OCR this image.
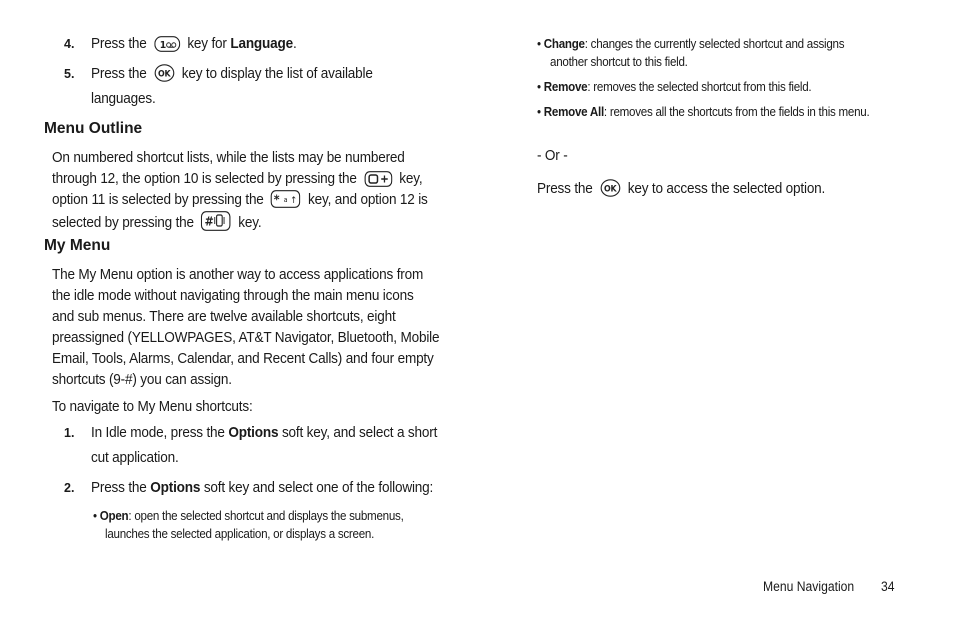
4. Press the 1 key for Language.
5. Press the OK key to display the list of available
languages.
Menu Outline
On numbered shortcut lists, while the lists may be numbered
through 12, the option 10 is selected by pressing the	key,
option 11 is selected by pressing the * a ↑ key, and option 12 is
selected by pressing the # key.
My Menu
The My Menu option is another way to access applications from
the idle mode without navigating through the main menu icons
and sub menus. There are twelve available shortcuts, eight
preassigned (YELLOWPAGES, AT&T Navigator, Bluetooth, Mobile
Email, Tools, Alarms, Calendar, and Recent Calls) and four empty
shortcuts (9-#) you can assign.
To navigate to My Menu shortcuts:
1. In Idle mode, press the Options soft key, and select a short
cut application.
2. Press the Options soft key and select one of the following:
• Open: open the selected shortcut and displays the submenus,
launches the selected application, or displays a screen.
• Change: changes the currently selected shortcut and assigns
another shortcut to this field.
• Remove: removes the selected shortcut from this field.
• Remove All: removes all the shortcuts from the fields in this menu.
- Or -
Press the OK key to access the selected option.
Menu Navigation 34
